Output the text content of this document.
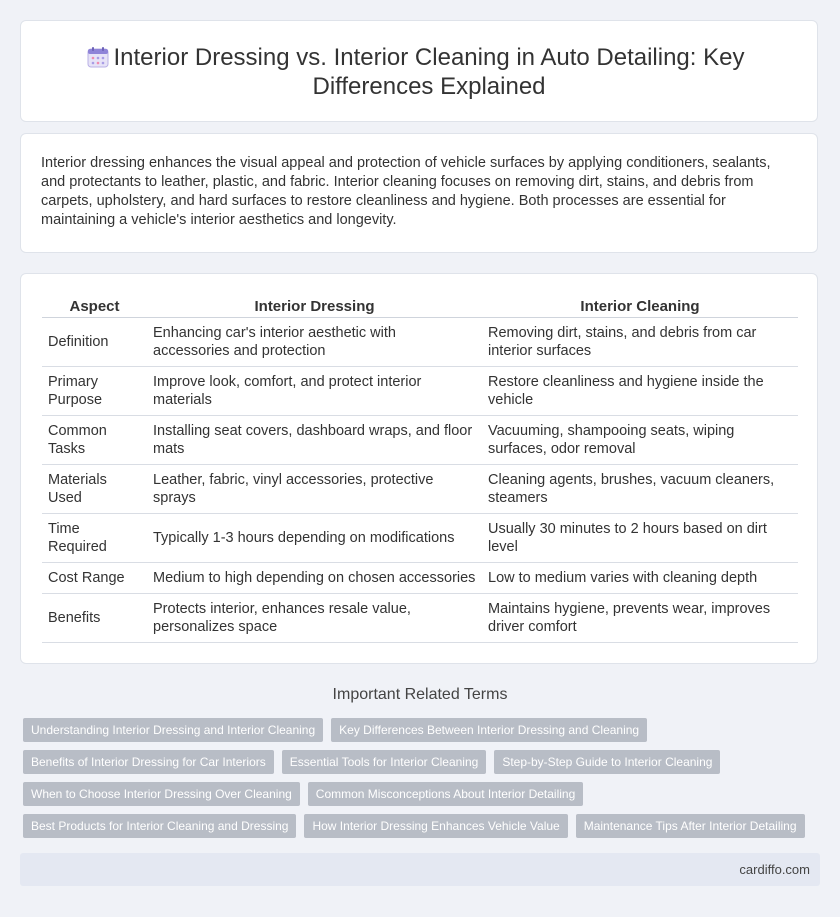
Interior Dressing vs. Interior Cleaning in Auto Detailing: Key Differences Explained
Interior dressing enhances the visual appeal and protection of vehicle surfaces by applying conditioners, sealants, and protectants to leather, plastic, and fabric. Interior cleaning focuses on removing dirt, stains, and debris from carpets, upholstery, and hard surfaces to restore cleanliness and hygiene. Both processes are essential for maintaining a vehicle's interior aesthetics and longevity.
Aspect	Interior Dressing	Interior Cleaning
Definition	Enhancing car's interior aesthetic with accessories and protection	Removing dirt, stains, and debris from car interior surfaces
Primary Purpose	Improve look, comfort, and protect interior materials	Restore cleanliness and hygiene inside the vehicle
Common Tasks	Installing seat covers, dashboard wraps, and floor mats	Vacuuming, shampooing seats, wiping surfaces, odor removal
Materials Used	Leather, fabric, vinyl accessories, protective sprays	Cleaning agents, brushes, vacuum cleaners, steamers
Time Required	Typically 1-3 hours depending on modifications	Usually 30 minutes to 2 hours based on dirt level
Cost Range	Medium to high depending on chosen accessories	Low to medium varies with cleaning depth
Benefits	Protects interior, enhances resale value, personalizes space	Maintains hygiene, prevents wear, improves driver comfort
Important Related Terms
Understanding Interior Dressing and Interior Cleaning	Key Differences Between Interior Dressing and Cleaning
Benefits of Interior Dressing for Car Interiors	Essential Tools for Interior Cleaning	Step-by-Step Guide to Interior Cleaning
When to Choose Interior Dressing Over Cleaning	Common Misconceptions About Interior Detailing
Best Products for Interior Cleaning and Dressing	How Interior Dressing Enhances Vehicle Value	Maintenance Tips After Interior Detailing
cardiffo.com
